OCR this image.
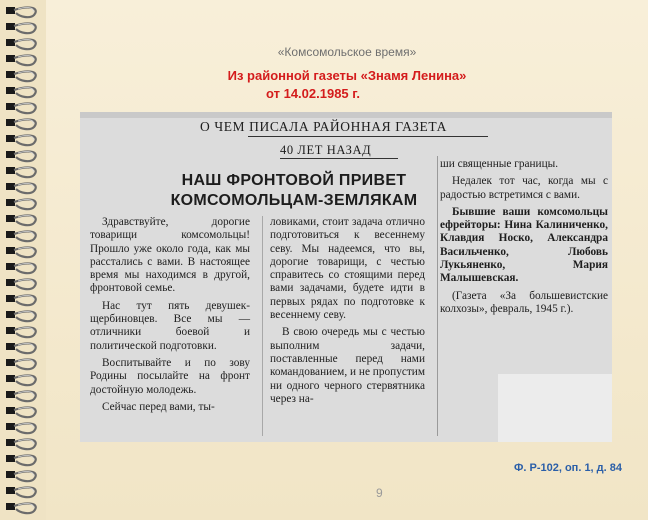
«Комсомольское время»
Из районной газеты «Знамя Ленина»
от 14.02.1985 г.
О ЧЕМ ПИСАЛА РАЙОННАЯ ГАЗЕТА
40 ЛЕТ НАЗАД
НАШ ФРОНТОВОЙ ПРИВЕТ
КОМСОМОЛЬЦАМ-ЗЕМЛЯКАМ

Здравствуйте, дорогие товарищи комсомольцы! Прошло уже около года, как мы расстались с вами. В настоящее время мы находимся в другой, фронтовой семье.

Нас тут пять девушек-щербиновцев. Все мы — отличники боевой и политической подготовки.

Воспитывайте и по зову Родины посылайте на фронт достойную молодежь.

Сейчас перед вами, ты-

ловиками, стоит задача отлично подготовиться к весеннему севу. Мы надеемся, что вы, дорогие товарищи, с честью справитесь со стоящими перед вами задачами, будете идти в первых рядах по подготовке к весеннему севу.

В свою очередь мы с честью выполним задачи, поставленные перед нами командованием, и не пропустим ни одного черного стервятника через на-

ши священные границы.

Недалек тот час, когда мы с радостью встретимся с вами.

Бывшие ваши комсомольцы ефрейторы: Нина Калиниченко, Клавдия Носко, Александра Васильченко, Любовь Лукьяненко, Мария Малышевская.

(Газета «За большевистские колхозы», февраль, 1945 г.).

Ф. Р-102, оп. 1, д. 84
9
